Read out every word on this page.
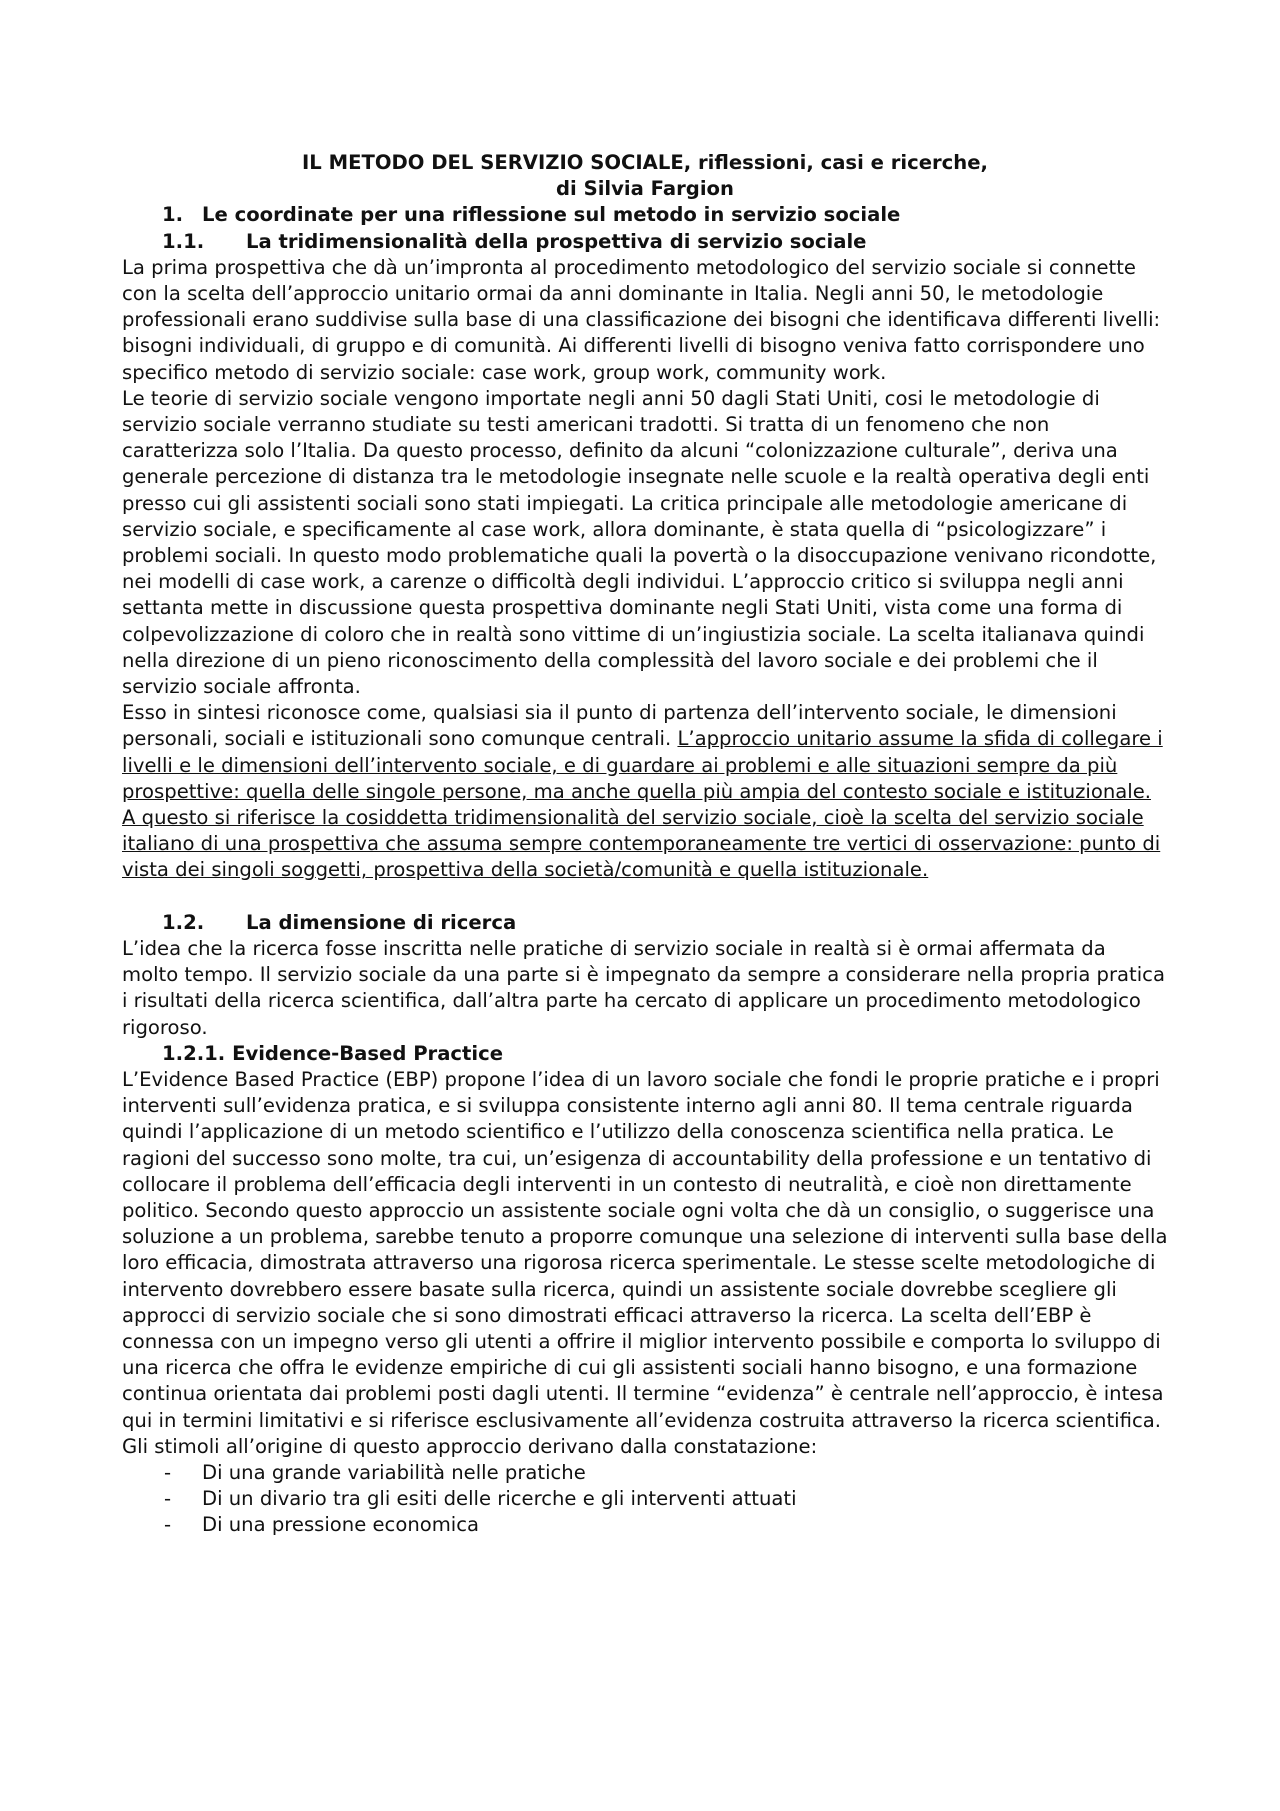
IL METODO DEL SERVIZIO SOCIALE, riflessioni, casi e ricerche,

di Silvia Fargion

1. Le coordinate per una riflessione sul metodo in servizio sociale

1.1. La tridimensionalità della prospettiva di servizio sociale

La prima prospettiva che dà un’impronta al procedimento metodologico del servizio sociale si connette con la scelta dell’approccio unitario ormai da anni dominante in Italia. Negli anni 50, le metodologie professionali erano suddivise sulla base di una classificazione dei bisogni che identificava differenti livelli: bisogni individuali, di gruppo e di comunità. Ai differenti livelli di bisogno veniva fatto corrispondere uno specifico metodo di servizio sociale: case work, group work, community work.

Le teorie di servizio sociale vengono importate negli anni 50 dagli Stati Uniti, cosi le metodologie di servizio sociale verranno studiate su testi americani tradotti. Si tratta di un fenomeno che non caratterizza solo l’Italia. Da questo processo, definito da alcuni “colonizzazione culturale”, deriva una generale percezione di distanza tra le metodologie insegnate nelle scuole e la realtà operativa degli enti presso cui gli assistenti sociali sono stati impiegati. La critica principale alle metodologie americane di servizio sociale, e specificamente al case work, allora dominante, è stata quella di “psicologizzare” i problemi sociali. In questo modo problematiche quali la povertà o la disoccupazione venivano ricondotte, nei modelli di case work, a carenze o difficoltà degli individui. L’approccio critico si sviluppa negli anni settanta mette in discussione questa prospettiva dominante negli Stati Uniti, vista come una forma di colpevolizzazione di coloro che in realtà sono vittime di un’ingiustizia sociale. La scelta italianava quindi nella direzione di un pieno riconoscimento della complessità del lavoro sociale e dei problemi che il servizio sociale affronta.

Esso in sintesi riconosce come, qualsiasi sia il punto di partenza dell’intervento sociale, le dimensioni personali, sociali e istituzionali sono comunque centrali. L’approccio unitario assume la sfida di collegare i livelli e le dimensioni dell’intervento sociale, e di guardare ai problemi e alle situazioni sempre da più prospettive: quella delle singole persone, ma anche quella più ampia del contesto sociale e istituzionale. A questo si riferisce la cosiddetta tridimensionalità del servizio sociale, cioè la scelta del servizio sociale italiano di una prospettiva che assuma sempre contemporaneamente tre vertici di osservazione: punto di vista dei singoli soggetti, prospettiva della società/comunità e quella istituzionale.

1.2. La dimensione di ricerca

L’idea che la ricerca fosse inscritta nelle pratiche di servizio sociale in realtà si è ormai affermata da molto tempo. Il servizio sociale da una parte si è impegnato da sempre a considerare nella propria pratica i risultati della ricerca scientifica, dall’altra parte ha cercato di applicare un procedimento metodologico rigoroso.

1.2.1. Evidence-Based Practice

L’Evidence Based Practice (EBP) propone l’idea di un lavoro sociale che fondi le proprie pratiche e i propri interventi sull’evidenza pratica, e si sviluppa consistente interno agli anni 80. Il tema centrale riguarda quindi l’applicazione di un metodo scientifico e l’utilizzo della conoscenza scientifica nella pratica. Le ragioni del successo sono molte, tra cui, un’esigenza di accountability della professione e un tentativo di collocare il problema dell’efficacia degli interventi in un contesto di neutralità, e cioè non direttamente politico. Secondo questo approccio un assistente sociale ogni volta che dà un consiglio, o suggerisce una soluzione a un problema, sarebbe tenuto a proporre comunque una selezione di interventi sulla base della loro efficacia, dimostrata attraverso una rigorosa ricerca sperimentale. Le stesse scelte metodologiche di intervento dovrebbero essere basate sulla ricerca, quindi un assistente sociale dovrebbe scegliere gli approcci di servizio sociale che si sono dimostrati efficaci attraverso la ricerca. La scelta dell’EBP è connessa con un impegno verso gli utenti a offrire il miglior intervento possibile e comporta lo sviluppo di una ricerca che offra le evidenze empiriche di cui gli assistenti sociali hanno bisogno, e una formazione continua orientata dai problemi posti dagli utenti. Il termine “evidenza” è centrale nell’approccio, è intesa qui in termini limitativi e si riferisce esclusivamente all’evidenza costruita attraverso la ricerca scientifica. Gli stimoli all’origine di questo approccio derivano dalla constatazione:

- Di una grande variabilità nelle pratiche
- Di un divario tra gli esiti delle ricerche e gli interventi attuati
- Di una pressione economica
